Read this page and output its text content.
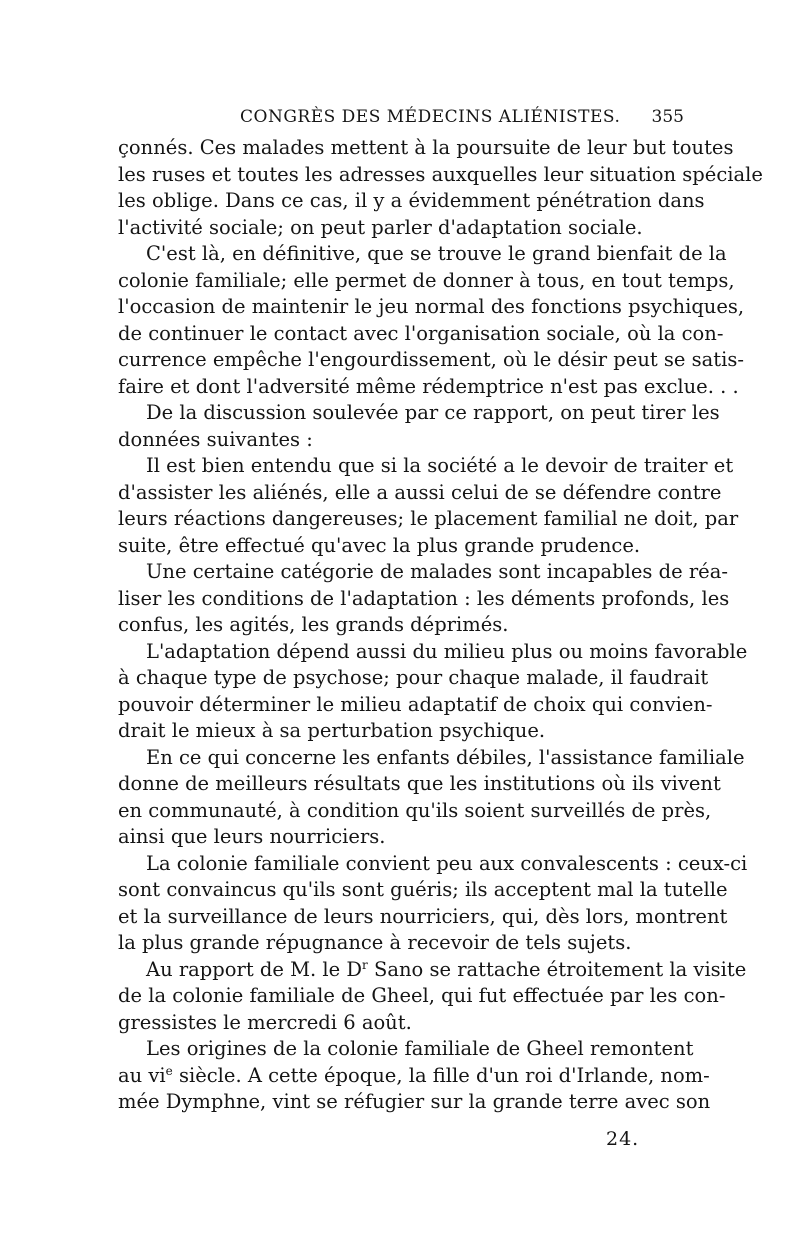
CONGRÈS DES MÉDECINS ALIÉNISTES. 355
çonnés. Ces malades mettent à la poursuite de leur but toutes
les ruses et toutes les adresses auxquelles leur situation spéciale
les oblige. Dans ce cas, il y a évidemment pénétration dans
l'activité sociale; on peut parler d'adaptation sociale.
C'est là, en définitive, que se trouve le grand bienfait de la
colonie familiale; elle permet de donner à tous, en tout temps,
l'occasion de maintenir le jeu normal des fonctions psychiques,
de continuer le contact avec l'organisation sociale, où la con-
currence empêche l'engourdissement, où le désir peut se satis-
faire et dont l'adversité même rédemptrice n'est pas exclue. . .
De la discussion soulevée par ce rapport, on peut tirer les
données suivantes :
Il est bien entendu que si la société a le devoir de traiter et
d'assister les aliénés, elle a aussi celui de se défendre contre
leurs réactions dangereuses; le placement familial ne doit, par
suite, être effectué qu'avec la plus grande prudence.
Une certaine catégorie de malades sont incapables de réa-
liser les conditions de l'adaptation : les déments profonds, les
confus, les agités, les grands déprimés.
L'adaptation dépend aussi du milieu plus ou moins favorable
à chaque type de psychose; pour chaque malade, il faudrait
pouvoir déterminer le milieu adaptatif de choix qui convien-
drait le mieux à sa perturbation psychique.
En ce qui concerne les enfants débiles, l'assistance familiale
donne de meilleurs résultats que les institutions où ils vivent
en communauté, à condition qu'ils soient surveillés de près,
ainsi que leurs nourriciers.
La colonie familiale convient peu aux convalescents : ceux-ci
sont convaincus qu'ils sont guéris; ils acceptent mal la tutelle
et la surveillance de leurs nourriciers, qui, dès lors, montrent
la plus grande répugnance à recevoir de tels sujets.
Au rapport de M. le $D^r$ Sano se rattache étroitement la visite
de la colonie familiale de Gheel, qui fut effectuée par les con-
gressistes le mercredi 6 août.
Les origines de la colonie familiale de Gheel remontent
au $vi^e$ siècle. A cette époque, la fille d'un roi d'Irlande, nom-
mée Dymphne, vint se réfugier sur la grande terre avec son
24.
